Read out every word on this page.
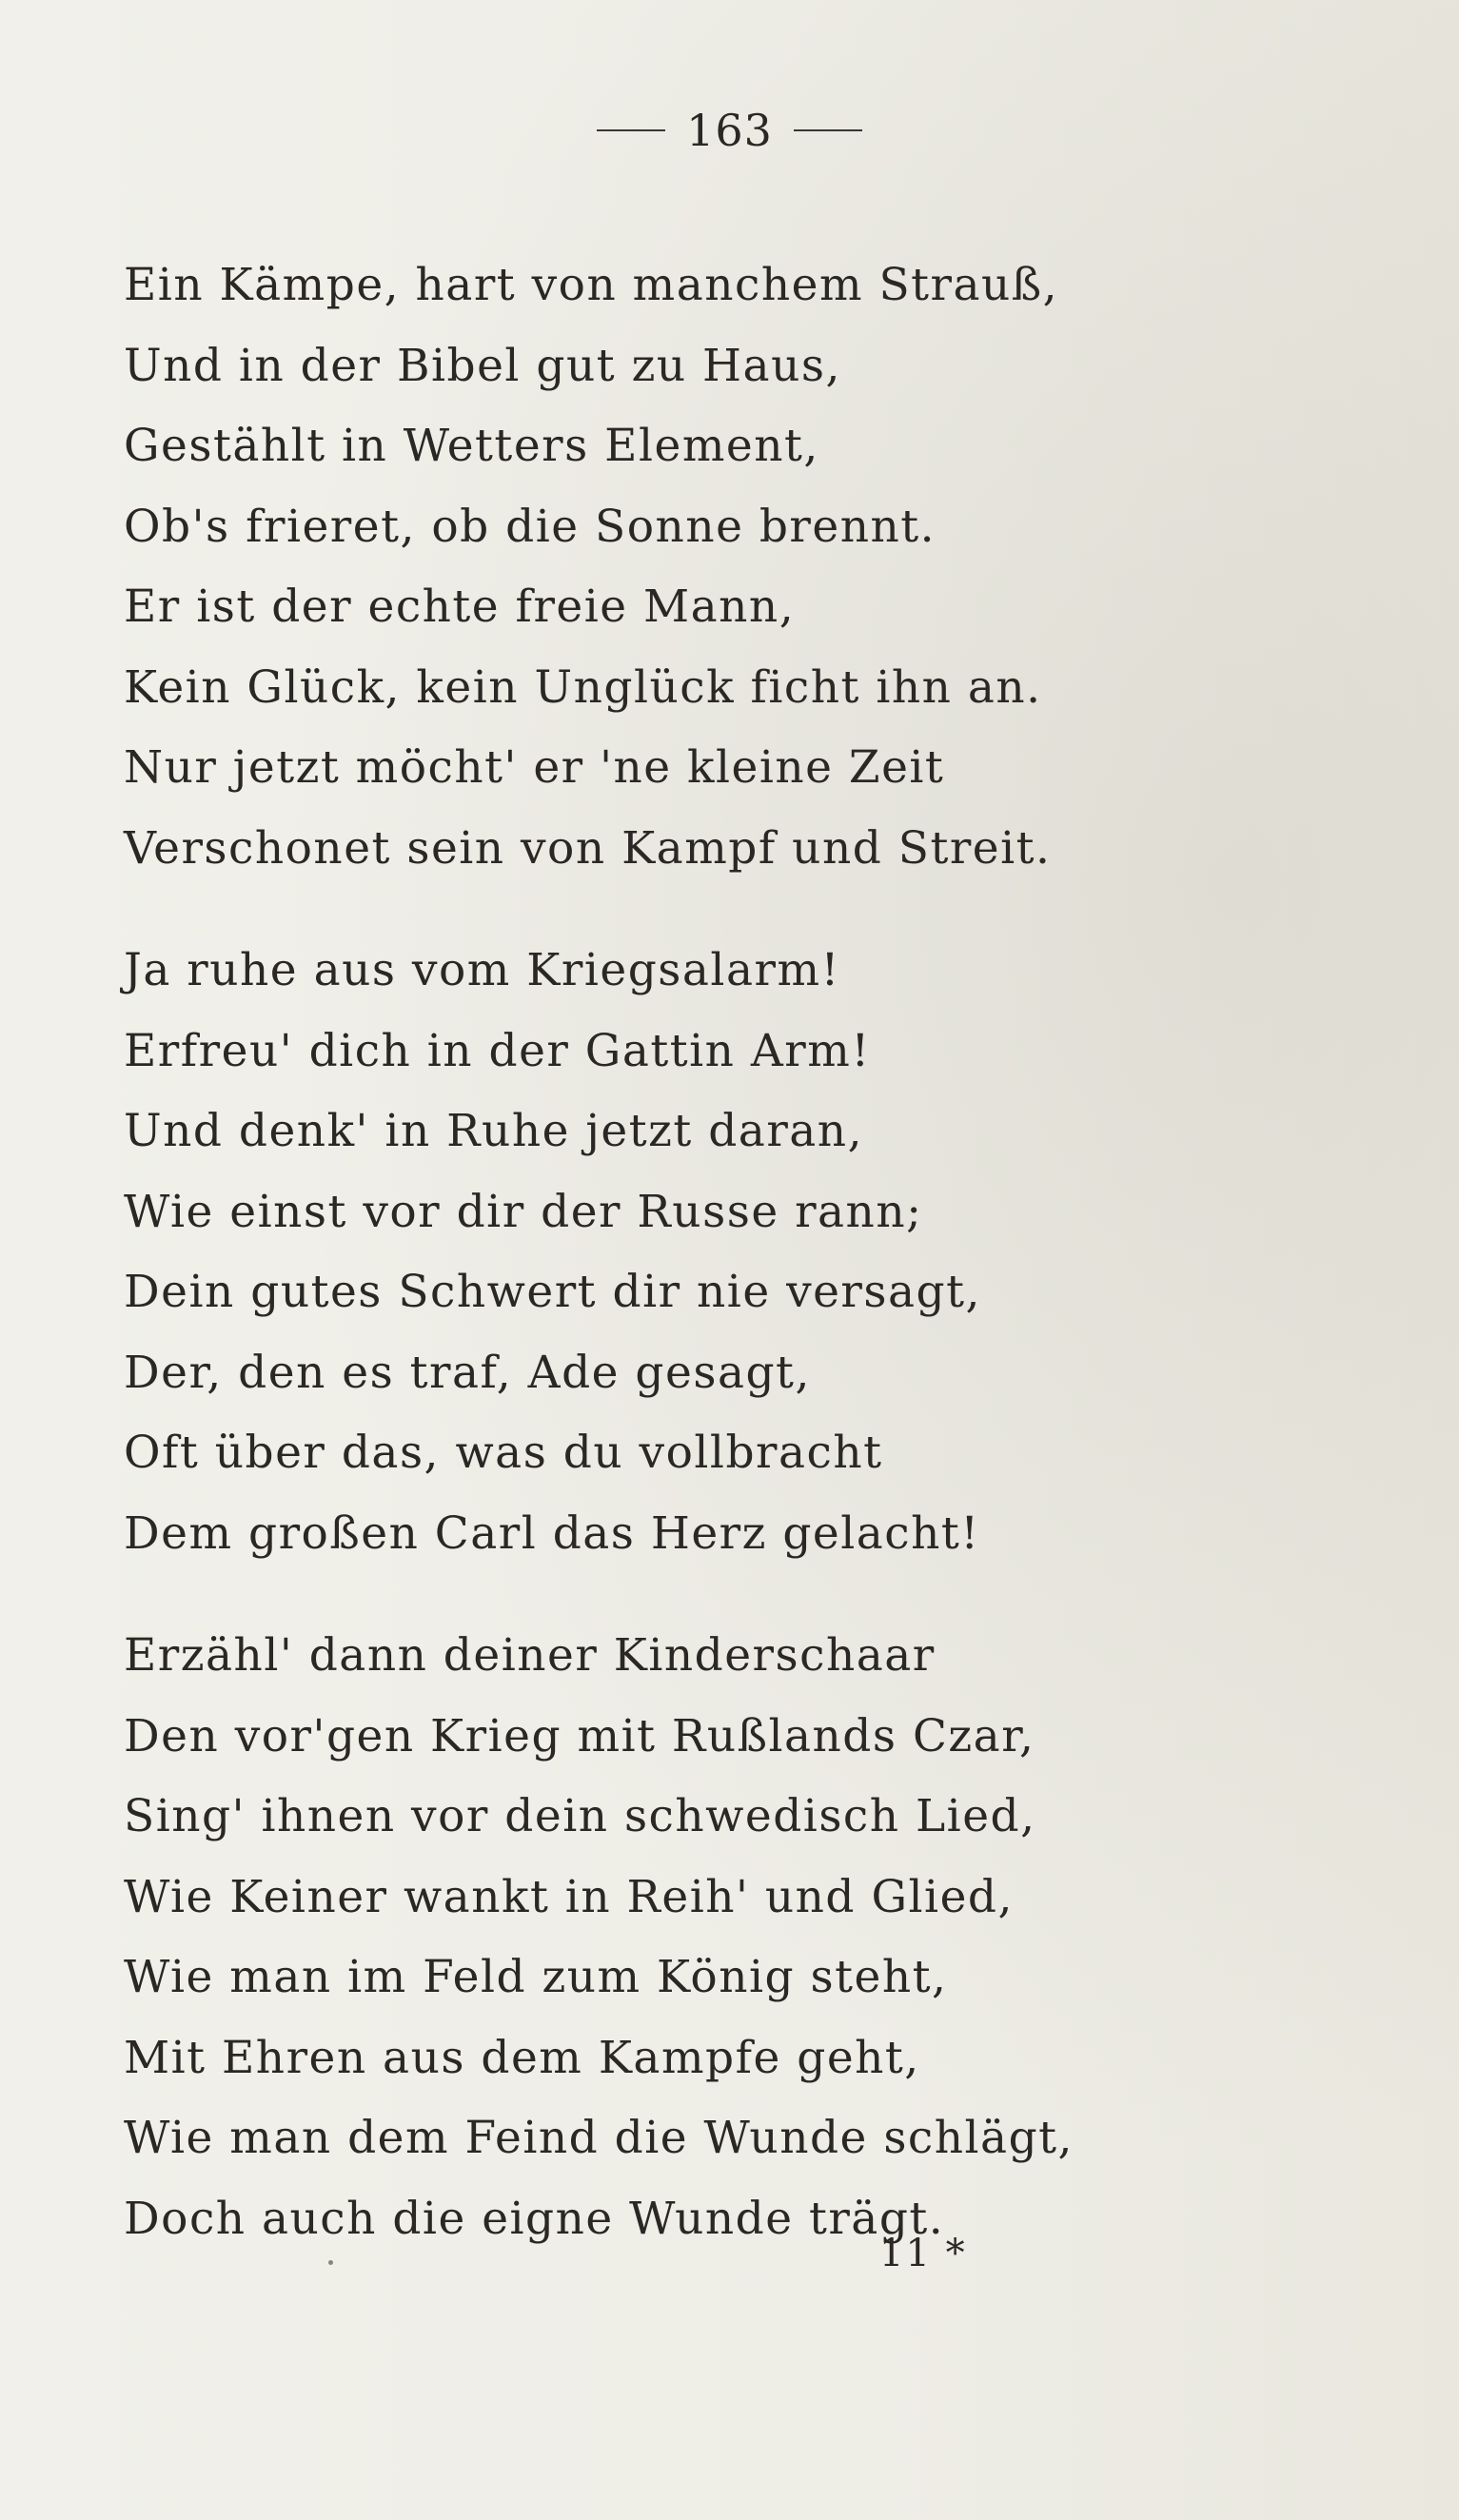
163
Ein Kämpe, hart von manchem Strauß,
Und in der Bibel gut zu Haus,
Gestählt in Wetters Element,
Ob's frieret, ob die Sonne brennt.
Er ist der echte freie Mann,
Kein Glück, kein Unglück ficht ihn an.
Nur jetzt möcht' er 'ne kleine Zeit
Verschonet sein von Kampf und Streit.
Ja ruhe aus vom Kriegsalarm!
Erfreu' dich in der Gattin Arm!
Und denk' in Ruhe jetzt daran,
Wie einst vor dir der Russe rann;
Dein gutes Schwert dir nie versagt,
Der, den es traf, Ade gesagt,
Oft über das, was du vollbracht
Dem großen Carl das Herz gelacht!
Erzähl' dann deiner Kinderschaar
Den vor'gen Krieg mit Rußlands Czar,
Sing' ihnen vor dein schwedisch Lied,
Wie Keiner wankt in Reih' und Glied,
Wie man im Feld zum König steht,
Mit Ehren aus dem Kampfe geht,
Wie man dem Feind die Wunde schlägt,
Doch auch die eigne Wunde trägt.
11 *
